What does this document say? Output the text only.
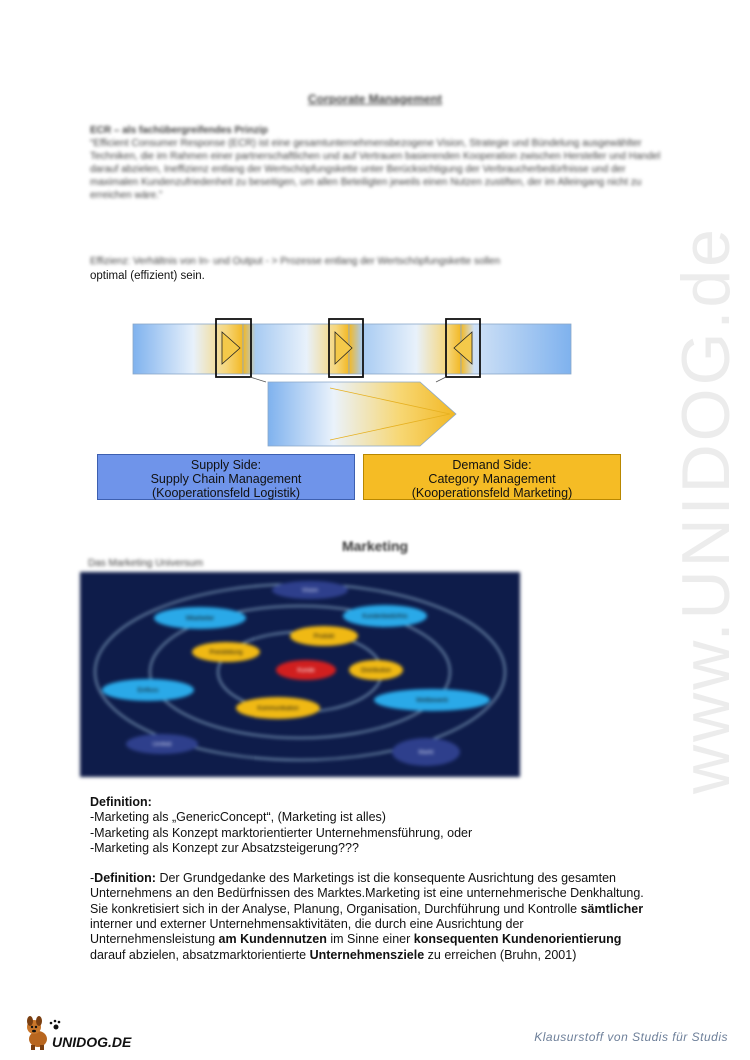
www.UNIDOG.de
Corporate Management
ECR – als fachübergreifendes Prinzip
“Efficient Consumer Response (ECR) ist eine gesamtunternehmensbezogene Vision, Strategie und Bündelung ausgewählter Techniken, die im Rahmen einer partnerschaftlichen und auf Vertrauen basierenden Kooperation zwischen Hersteller und Handel darauf abzielen, Ineffizienz entlang der Wertschöpfungskette unter Berücksichtigung der Verbraucherbedürfnisse und der maximalen Kundenzufriedenheit zu beseitigen, um allen Beteiligten jeweils einen Nutzen zustiften, der im Alleingang nicht zu erreichen wäre.”
Effizienz: Verhältnis von In- und Output - > Prozesse entlang der Wertschöpfungskette sollen
optimal (effizient) sein.
Supply Side:
Supply Chain Management
(Kooperationsfeld Logistik)
Demand Side:
Category Management
(Kooperationsfeld Marketing)
Marketing
Das Marketing Universum
Vision
Mitarbeiter	Kundenbedürfnis
Produkt
Preisbildung
Distribution
Kunde
Einfluss
Kommunikation
Wettbewerb
Umfeld
Markt
Definition:
-Marketing als „GenericConcept“, (Marketing ist alles)
-Marketing als Konzept marktorientierter Unternehmensführung, oder
-Marketing als Konzept zur Absatzsteigerung???
-Definition: Der Grundgedanke des Marketings ist die konsequente Ausrichtung des gesamten Unternehmens an den Bedürfnissen des Marktes.Marketing ist eine unternehmerische Denkhaltung. Sie konkretisiert sich in der Analyse, Planung, Organisation, Durchführung und Kontrolle sämtlicher interner und externer Unternehmensaktivitäten, die durch eine Ausrichtung der Unternehmensleistung am Kundennutzen im Sinne einer konsequenten Kundenorientierung darauf abzielen, absatzmarktorientierte Unternehmensziele zu erreichen (Bruhn, 2001)
UNIDOG.DE	Klausurstoff von Studis für Studis
